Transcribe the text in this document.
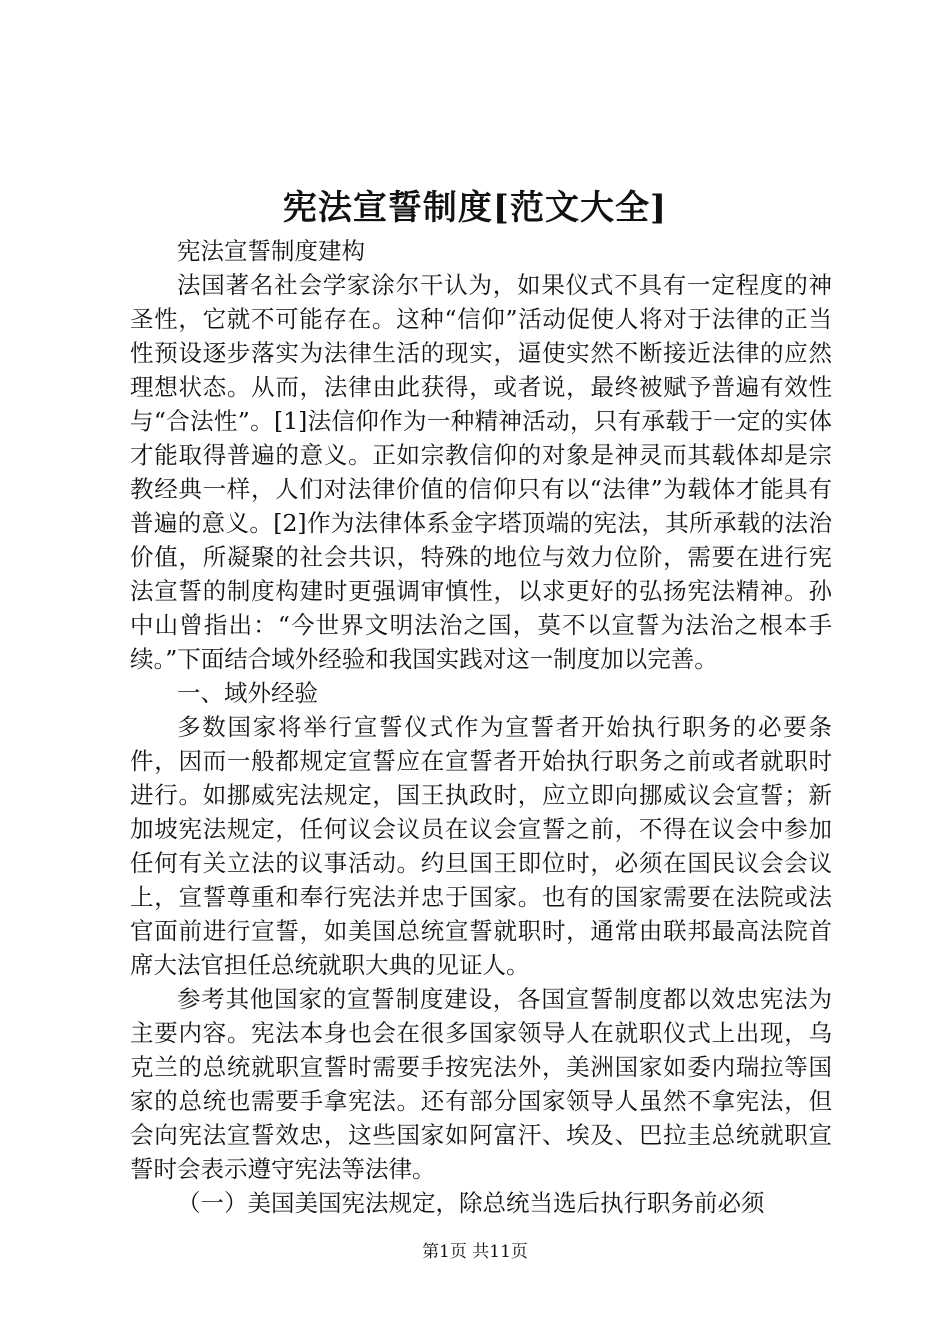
宪法宣誓制度[范文大全]

宪法宣誓制度建构

法国著名社会学家涂尔干认为，如果仪式不具有一定程度的神圣性，它就不可能存在。这种“信仰”活动促使人将对于法律的正当性预设逐步落实为法律生活的现实，逼使实然不断接近法律的应然理想状态。从而，法律由此获得，或者说，最终被赋予普遍有效性与“合法性”。[1]法信仰作为一种精神活动，只有承载于一定的实体才能取得普遍的意义。正如宗教信仰的对象是神灵而其载体却是宗教经典一样，人们对法律价值的信仰只有以“法律”为载体才能具有普遍的意义。[2]作为法律体系金字塔顶端的宪法，其所承载的法治价值，所凝聚的社会共识，特殊的地位与效力位阶，需要在进行宪法宣誓的制度构建时更强调审慎性，以求更好的弘扬宪法精神。孙中山曾指出：“今世界文明法治之国，莫不以宣誓为法治之根本手续。”下面结合域外经验和我国实践对这一制度加以完善。

一、域外经验

多数国家将举行宣誓仪式作为宣誓者开始执行职务的必要条件，因而一般都规定宣誓应在宣誓者开始执行职务之前或者就职时进行。如挪威宪法规定，国王执政时，应立即向挪威议会宣誓；新加坡宪法规定，任何议会议员在议会宣誓之前，不得在议会中参加任何有关立法的议事活动。约旦国王即位时，必须在国民议会会议上，宣誓尊重和奉行宪法并忠于国家。也有的国家需要在法院或法官面前进行宣誓，如美国总统宣誓就职时，通常由联邦最高法院首席大法官担任总统就职大典的见证人。

参考其他国家的宣誓制度建设，各国宣誓制度都以效忠宪法为主要内容。宪法本身也会在很多国家领导人在就职仪式上出现，乌克兰的总统就职宣誓时需要手按宪法外，美洲国家如委内瑞拉等国家的总统也需要手拿宪法。还有部分国家领导人虽然不拿宪法，但会向宪法宣誓效忠，这些国家如阿富汗、埃及、巴拉圭总统就职宣誓时会表示遵守宪法等法律。

（一）美国美国宪法规定，除总统当选后执行职务前必须

第1页 共11页
